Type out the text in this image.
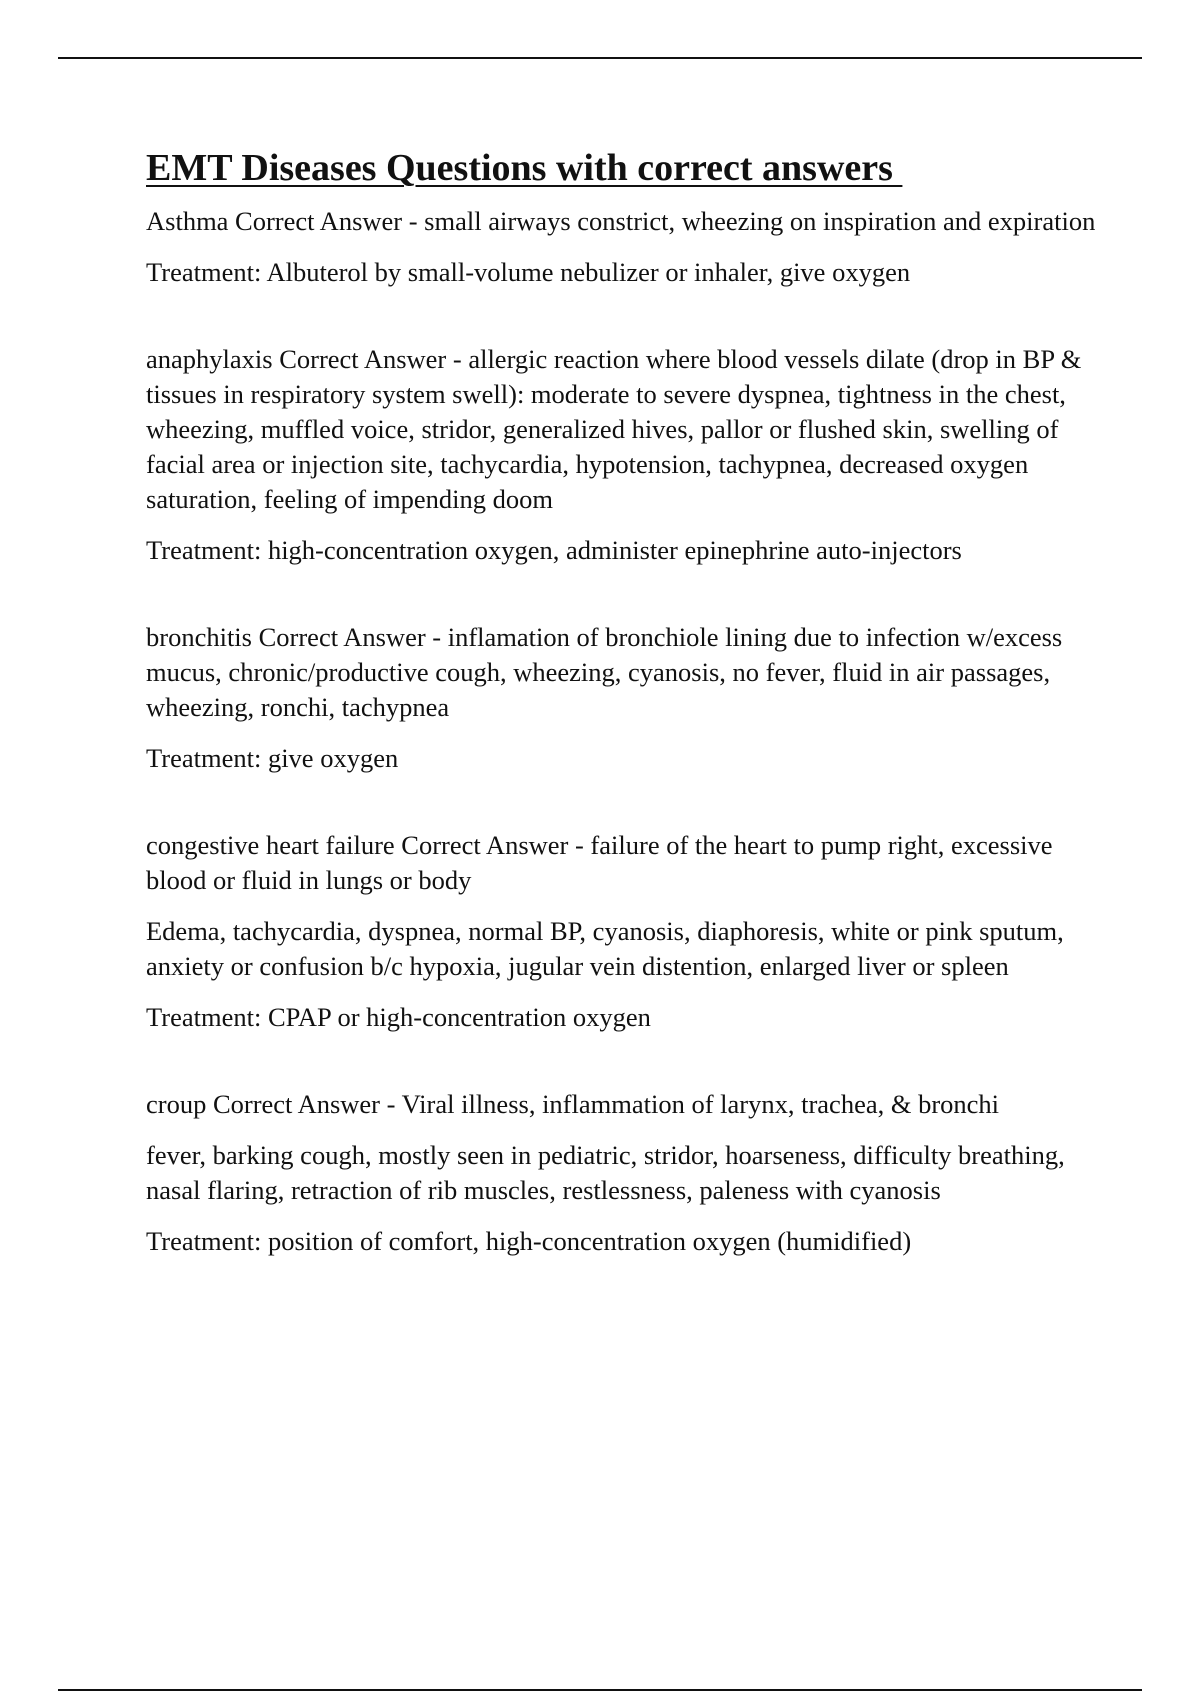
EMT Diseases Questions with correct answers

Asthma Correct Answer - small airways constrict, wheezing on inspiration and expiration

Treatment: Albuterol by small-volume nebulizer or inhaler, give oxygen

anaphylaxis Correct Answer - allergic reaction where blood vessels dilate (drop in BP & tissues in respiratory system swell): moderate to severe dyspnea, tightness in the chest, wheezing, muffled voice, stridor, generalized hives, pallor or flushed skin, swelling of facial area or injection site, tachycardia, hypotension, tachypnea, decreased oxygen saturation, feeling of impending doom

Treatment: high-concentration oxygen, administer epinephrine auto-injectors

bronchitis Correct Answer - inflamation of bronchiole lining due to infection w/excess mucus, chronic/productive cough, wheezing, cyanosis, no fever, fluid in air passages, wheezing, ronchi, tachypnea

Treatment: give oxygen

congestive heart failure Correct Answer - failure of the heart to pump right, excessive blood or fluid in lungs or body

Edema, tachycardia, dyspnea, normal BP, cyanosis, diaphoresis, white or pink sputum, anxiety or confusion b/c hypoxia, jugular vein distention, enlarged liver or spleen

Treatment: CPAP or high-concentration oxygen

croup Correct Answer - Viral illness, inflammation of larynx, trachea, & bronchi

fever, barking cough, mostly seen in pediatric, stridor, hoarseness, difficulty breathing, nasal flaring, retraction of rib muscles, restlessness, paleness with cyanosis

Treatment: position of comfort, high-concentration oxygen (humidified)
